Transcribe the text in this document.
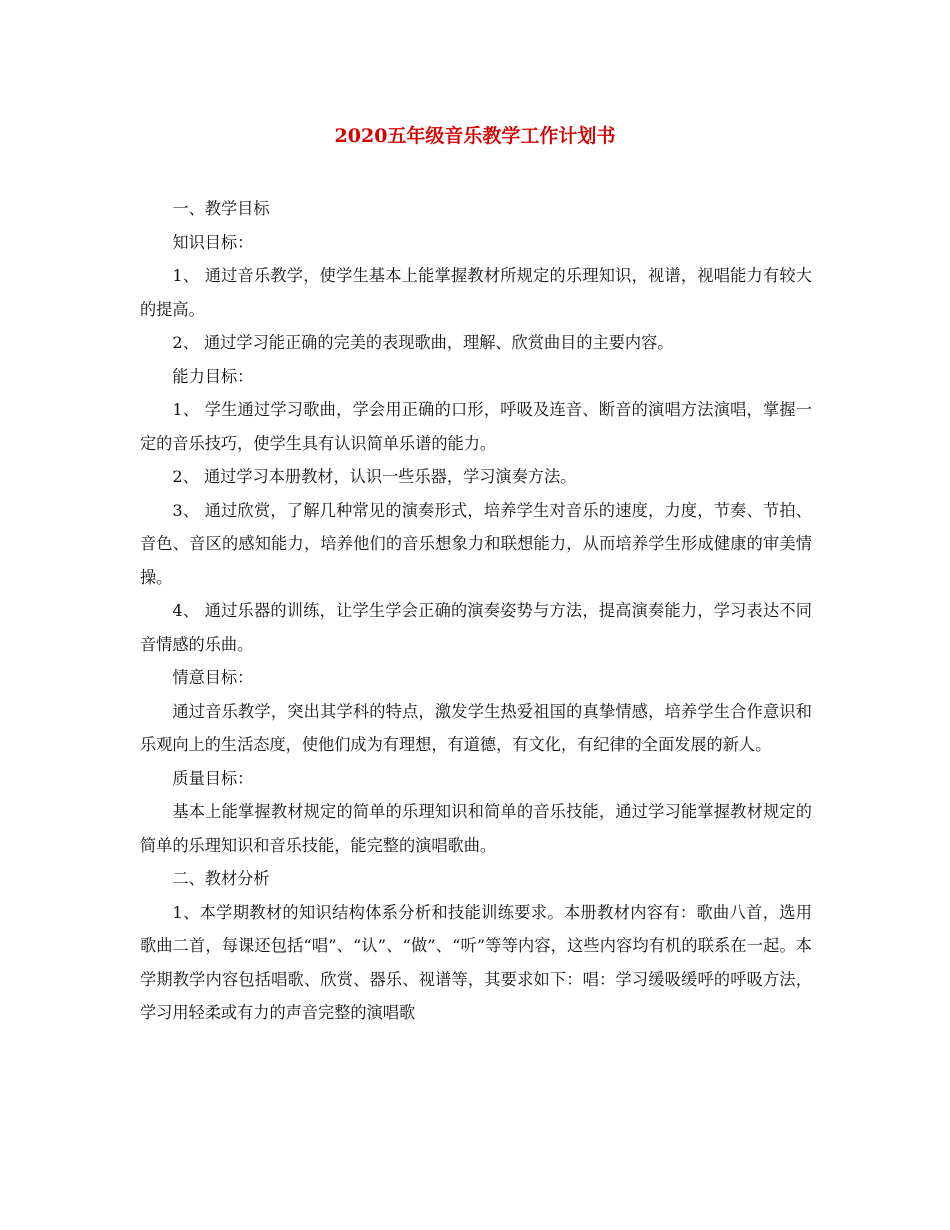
2020五年级音乐教学工作计划书

一、教学目标

知识目标：

1、 通过音乐教学，使学生基本上能掌握教材所规定的乐理知识，视谱，视唱能力有较大的提高。

2、 通过学习能正确的完美的表现歌曲，理解、欣赏曲目的主要内容。

能力目标：

1、 学生通过学习歌曲，学会用正确的口形，呼吸及连音、断音的演唱方法演唱，掌握一定的音乐技巧，使学生具有认识简单乐谱的能力。

2、 通过学习本册教材，认识一些乐器，学习演奏方法。

3、 通过欣赏，了解几种常见的演奏形式，培养学生对音乐的速度，力度，节奏、节拍、音色、音区的感知能力，培养他们的音乐想象力和联想能力，从而培养学生形成健康的审美情操。

4、 通过乐器的训练，让学生学会正确的演奏姿势与方法，提高演奏能力，学习表达不同音情感的乐曲。

情意目标：

通过音乐教学，突出其学科的特点，激发学生热爱祖国的真挚情感，培养学生合作意识和乐观向上的生活态度，使他们成为有理想，有道德，有文化，有纪律的全面发展的新人。

质量目标：

基本上能掌握教材规定的简单的乐理知识和简单的音乐技能，通过学习能掌握教材规定的简单的乐理知识和音乐技能，能完整的演唱歌曲。

二、教材分析

1、本学期教材的知识结构体系分析和技能训练要求。本册教材内容有：歌曲八首，选用歌曲二首，每课还包括“唱”、“认”、“做”、“听”等等内容，这些内容均有机的联系在一起。本学期教学内容包括唱歌、欣赏、器乐、视谱等，其要求如下：唱：学习缓吸缓呼的呼吸方法，学习用轻柔或有力的声音完整的演唱歌
